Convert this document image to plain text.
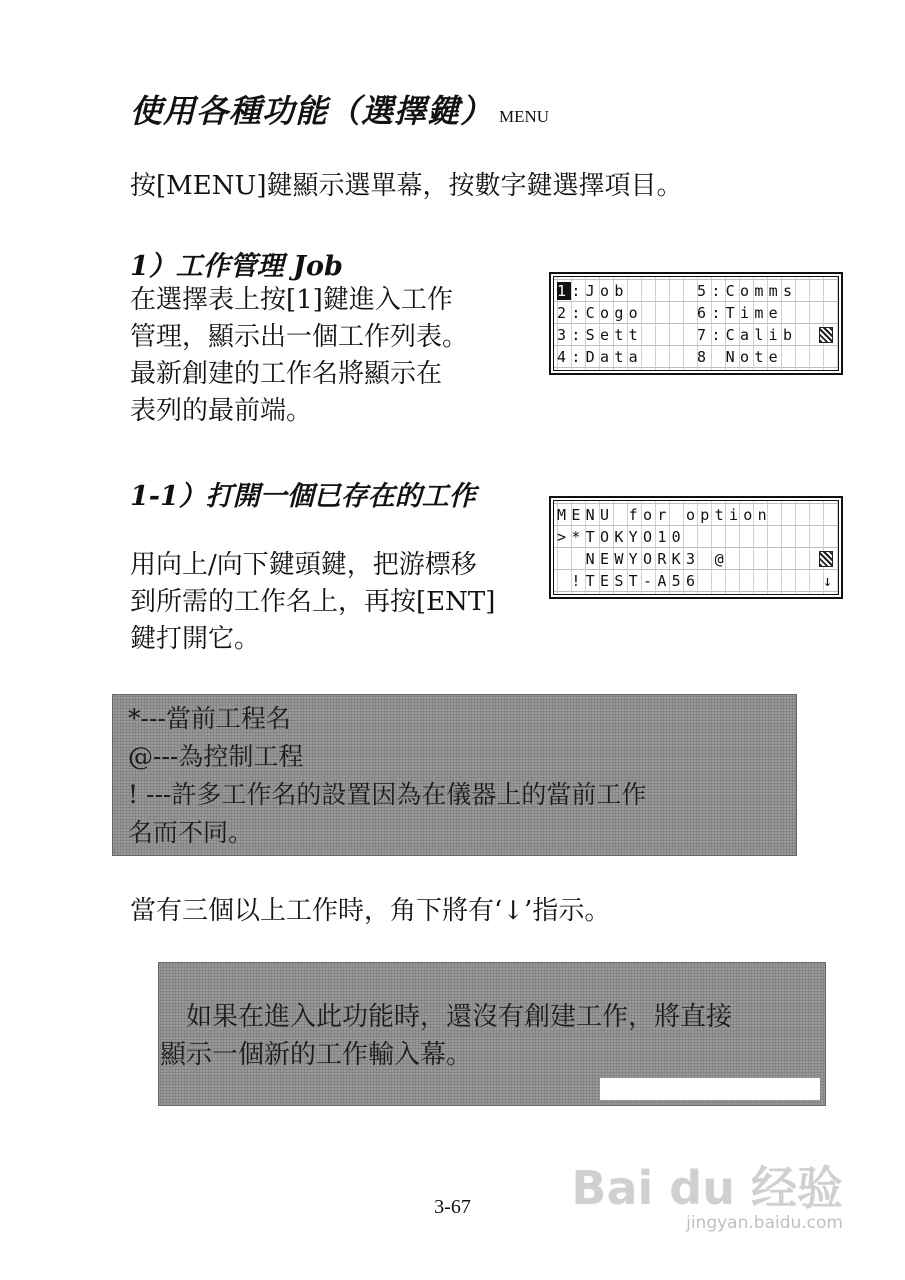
使用各種功能（選擇鍵） MENU
按[MENU]鍵顯示選單幕，按數字鍵選擇項目。
1）工作管理 Job
在選擇表上按[1]鍵進入工作
管理，顯示出一個工作列表。
最新創建的工作名將顯示在
表列的最前端。
1:Job	5:Comms
2:Cogo	6:Time
3:Sett	7:Calib
4:Data	8 Note
1-1）打開一個已存在的工作
用向上/向下鍵頭鍵，把游標移
到所需的工作名上，再按[ENT]
鍵打開它。
MENU for option
>*TOKYO10
NEWYORK3 @
!TEST-A56	↓
*---當前工程名
@---為控制工程
! ---許多工作名的設置因為在儀器上的當前工作
名而不同。
當有三個以上工作時，角下將有‘↓’指示。
如果在進入此功能時，還沒有創建工作，將直接
顯示一個新的工作輸入幕。
3-67	Bai du 经验
jingyan.baidu.com
